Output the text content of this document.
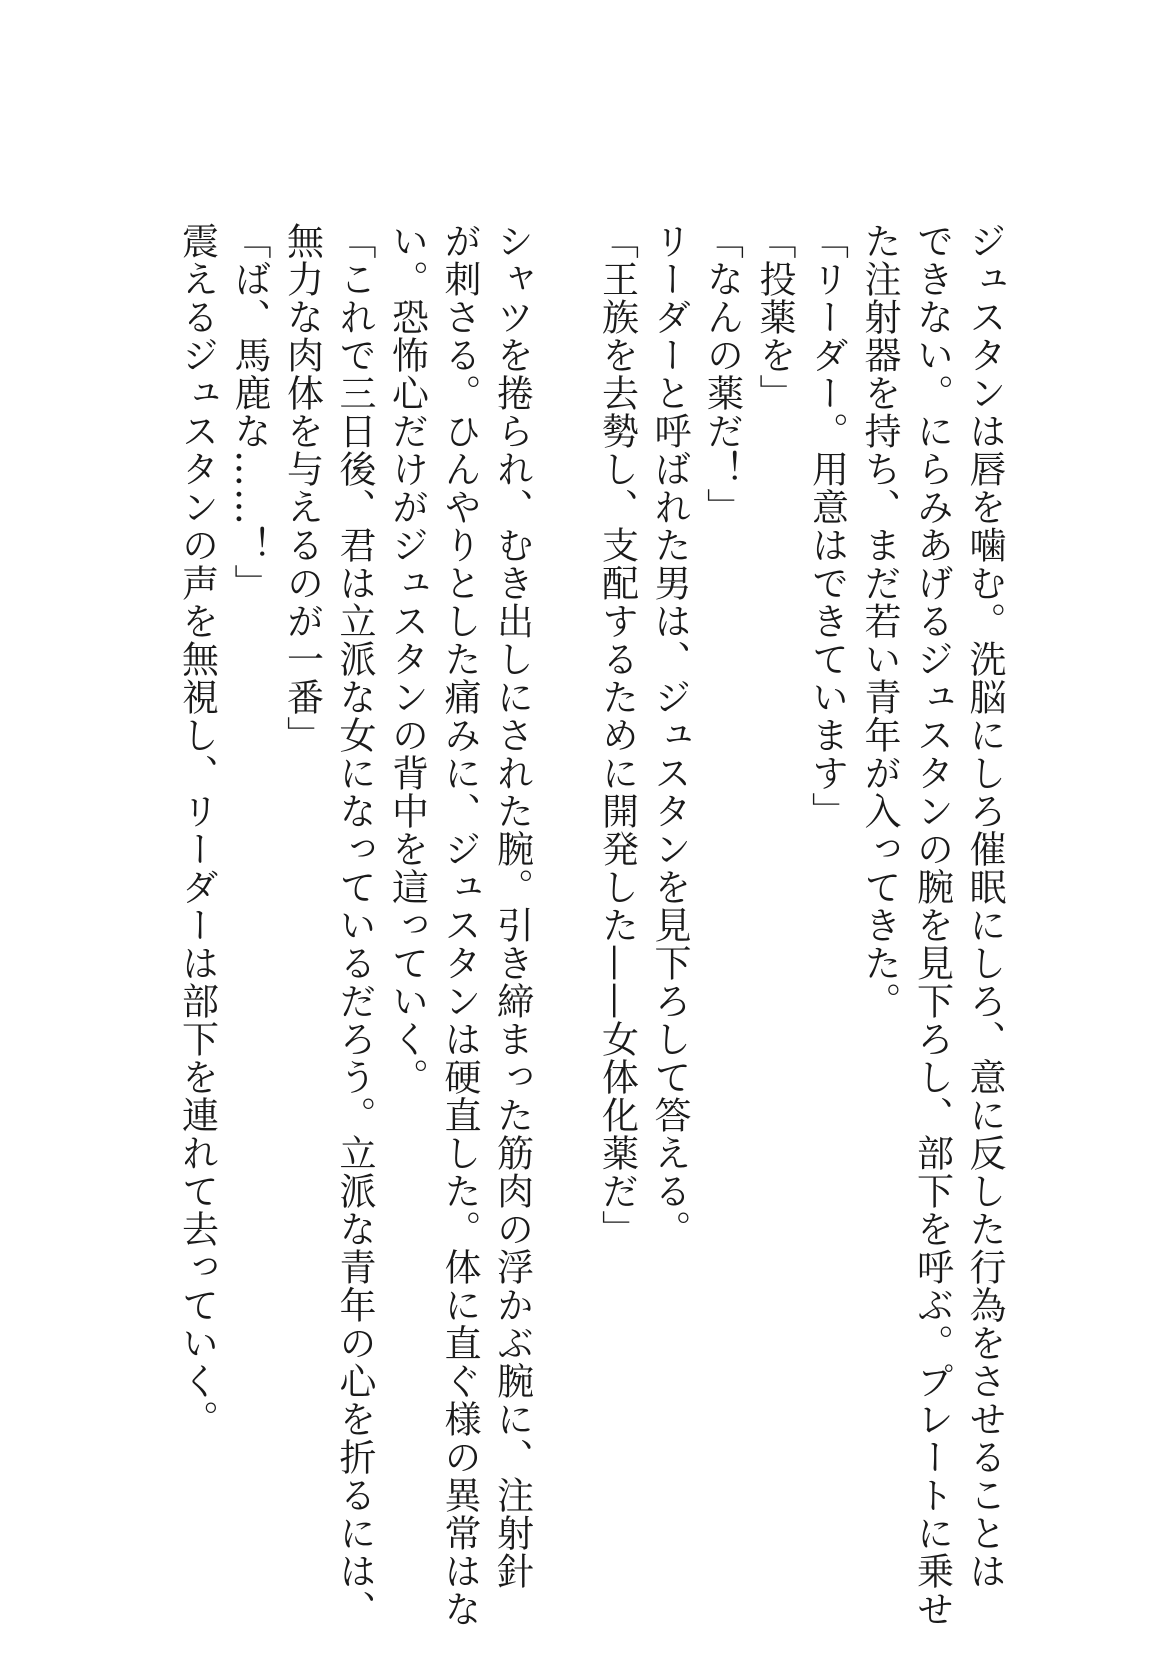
ジュスタンは唇を噛む。洗脳にしろ催眠にしろ、意に反した行為をさせることは

できない。にらみあげるジュスタンの腕を見下ろし、部下を呼ぶ。プレートに乗せ

た注射器を持ち、まだ若い青年が入ってきた。

「リーダー。用意はできています」

「投薬を」

「なんの薬だ！」

リーダーと呼ばれた男は、ジュスタンを見下ろして答える。

「王族を去勢し、支配するために開発した——女体化薬だ」

シャツを捲られ、むき出しにされた腕。引き締まった筋肉の浮かぶ腕に、注射針

が刺さる。ひんやりとした痛みに、ジュスタンは硬直した。体に直ぐ様の異常はな

い。恐怖心だけがジュスタンの背中を這っていく。

「これで三日後、君は立派な女になっているだろう。立派な青年の心を折るには、

無力な肉体を与えるのが一番」

「ば、馬鹿な……！」

震えるジュスタンの声を無視し、リーダーは部下を連れて去っていく。
